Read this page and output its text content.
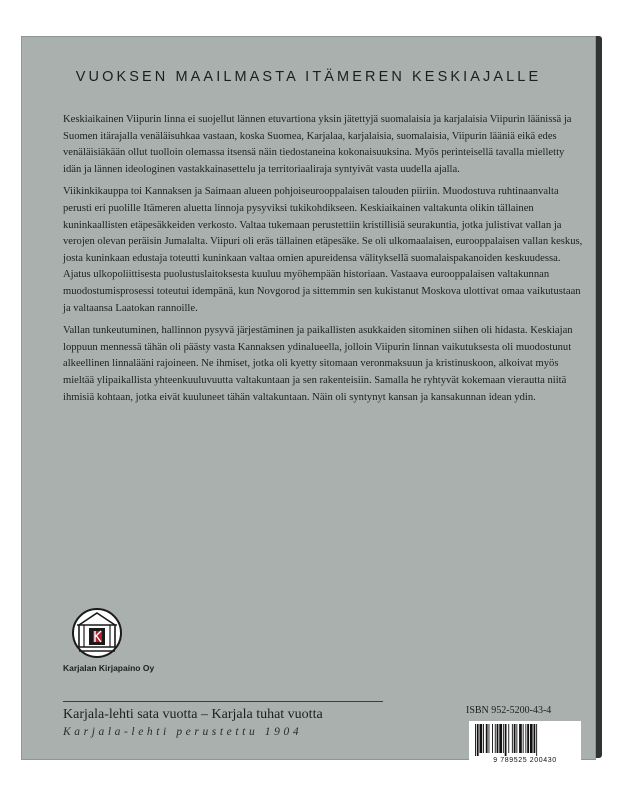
VUOKSEN MAAILMASTA ITÄMEREN KESKIAJALLE

Keskiaikainen Viipurin linna ei suojellut lännen etuvartiona yksin jätettyjä suomalaisia ja karjalaisia Viipurin läänissä ja Suomen itärajalla venäläisuhkaa vastaan, koska Suomea, Karjalaa, karjalaisia, suomalaisia, Viipurin lääniä eikä edes venäläisiäkään ollut tuolloin olemassa itsensä näin tiedostaneina kokonaisuuksina. Myös perinteisellä tavalla mielletty idän ja lännen ideologinen vastakkainasettelu ja territoriaaliraja syntyivät vasta uudella ajalla.

Viikinkikauppa toi Kannaksen ja Saimaan alueen pohjoiseurooppalaisen talouden piiriin. Muodostuva ruhtinaanvalta perusti eri puolille Itämeren aluetta linnoja pysyviksi tukikohdikseen. Keskiaikainen valtakunta olikin tällainen kuninkaallisten etäpesäkkeiden verkosto. Valtaa tukemaan perustettiin kristillisiä seurakuntia, jotka julistivat vallan ja verojen olevan peräisin Jumalalta. Viipuri oli eräs tällainen etäpesäke. Se oli ulkomaalaisen, eurooppalaisen vallan keskus, josta kuninkaan edustaja toteutti kuninkaan valtaa omien apureidensa välityksellä suomalaispakanoiden keskuudessa. Ajatus ulkopoliittisesta puolustuslaitoksesta kuuluu myöhempään historiaan. Vastaava eurooppalaisen valtakunnan muodostumisprosessi toteutui idempänä, kun Novgorod ja sittemmin sen kukistanut Moskova ulottivat omaa vaikutustaan ja valtaansa Laatokan rannoille.

Vallan tunkeutuminen, hallinnon pysyvä järjestäminen ja paikallisten asukkaiden sitominen siihen oli hidasta. Keskiajan loppuun mennessä tähän oli päästy vasta Kannaksen ydinalueella, jolloin Viipurin linnan vaikutuksesta oli muodostunut alkeellinen linnalääni rajoineen. Ne ihmiset, jotka oli kyetty sitomaan veronmaksuun ja kristinuskoon, alkoivat myös mieltää ylipaikallista yhteenkuuluvuutta valtakuntaan ja sen rakenteisiin. Samalla he ryhtyvät kokemaan vierautta niitä ihmisiä kohtaan, jotka eivät kuuluneet tähän valtakuntaan. Näin oli syntynyt kansan ja kansakunnan idean ydin.

Karjalan Kirjapaino Oy
Karjala-lehti sata vuotta – Karjala tuhat vuotta
Karjala-lehti perustettu 1904
ISBN 952-5200-43-4
9 789525 200430
